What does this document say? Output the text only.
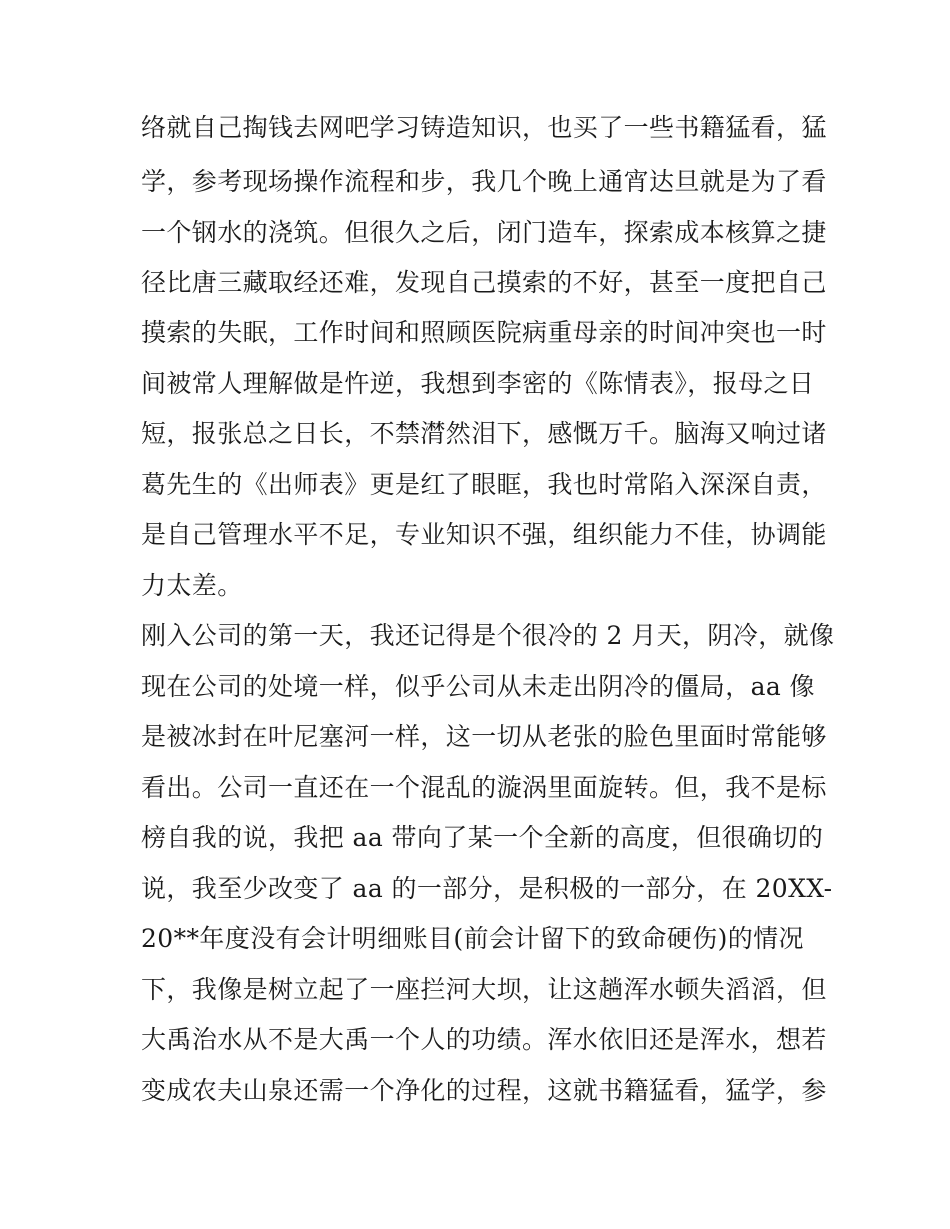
络就自己掏钱去网吧学习铸造知识，也买了一些书籍猛看，猛
学，参考现场操作流程和步，我几个晚上通宵达旦就是为了看
一个钢水的浇筑。但很久之后，闭门造车，探索成本核算之捷
径比唐三藏取经还难，发现自己摸索的不好，甚至一度把自己
摸索的失眠，工作时间和照顾医院病重母亲的时间冲突也一时
间被常人理解做是忤逆，我想到李密的《陈情表》，报母之日
短，报张总之日长，不禁潸然泪下，感慨万千。脑海又响过诸
葛先生的《出师表》更是红了眼眶，我也时常陷入深深自责，
是自己管理水平不足，专业知识不强，组织能力不佳，协调能
力太差。
刚入公司的第一天，我还记得是个很冷的 2 月天，阴冷，就像
现在公司的处境一样，似乎公司从未走出阴冷的僵局，aa 像
是被冰封在叶尼塞河一样，这一切从老张的脸色里面时常能够
看出。公司一直还在一个混乱的漩涡里面旋转。但，我不是标
榜自我的说，我把 aa 带向了某一个全新的高度，但很确切的
说，我至少改变了 aa 的一部分，是积极的一部分，在 20XX-
20**年度没有会计明细账目(前会计留下的致命硬伤)的情况
下，我像是树立起了一座拦河大坝，让这趟浑水顿失滔滔，但
大禹治水从不是大禹一个人的功绩。浑水依旧还是浑水，想若
变成农夫山泉还需一个净化的过程，这就书籍猛看，猛学，参
